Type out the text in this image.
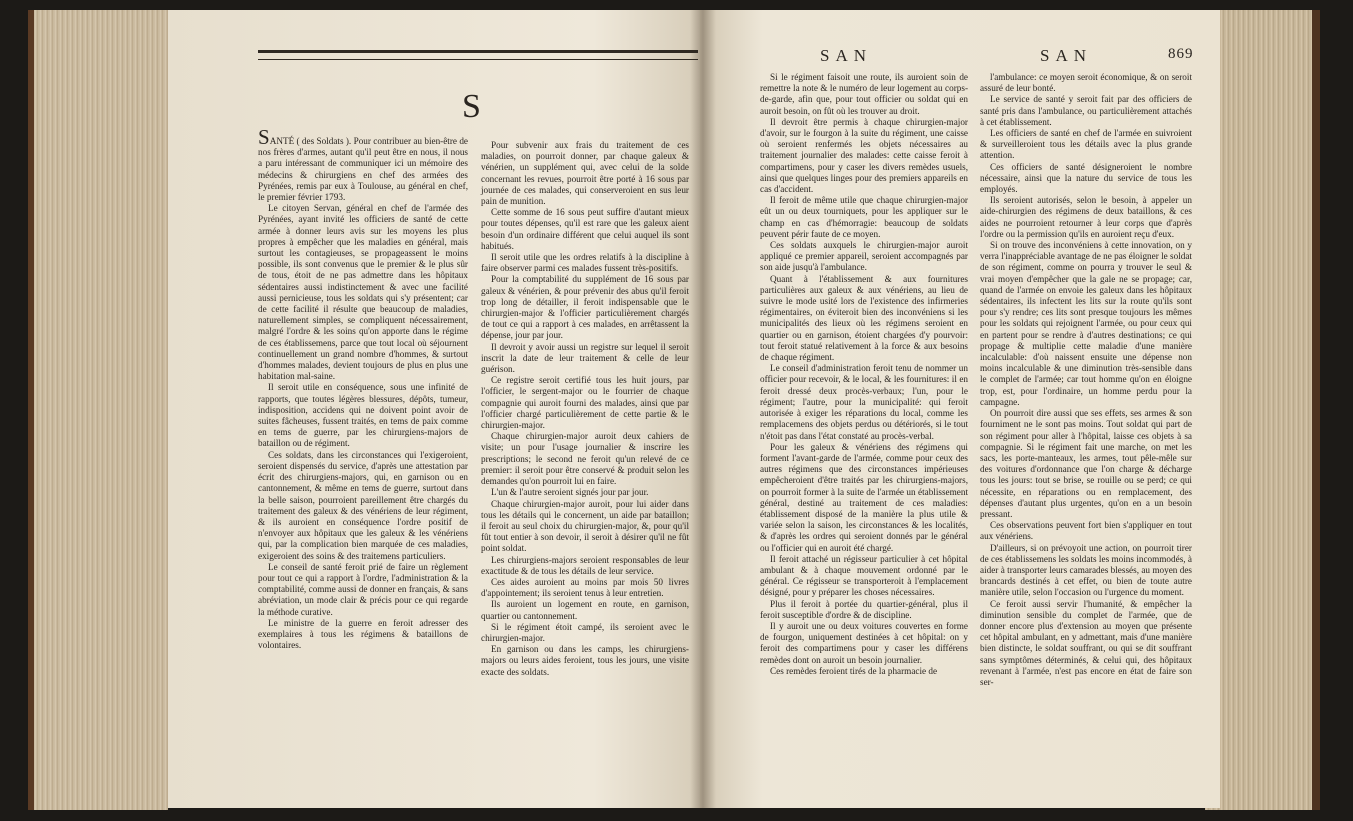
SAN	SAN	869
S

SANTÉ ( des Soldats ). Pour contribuer au bien-être de nos frères d'armes, autant qu'il peut être en nous, il nous a paru intéressant de communiquer ici un mémoire des médecins & chirurgiens en chef des armées des Pyrénées, remis par eux à Toulouse, au général en chef, le premier février 1793.

Le citoyen Servan, général en chef de l'armée des Pyrénées, ayant invité les officiers de santé de cette armée à donner leurs avis sur les moyens les plus propres à empêcher que les maladies en général, mais surtout les contagieuses, se propageassent le moins possible, ils sont convenus que le premier & le plus sûr de tous, étoit de ne pas admettre dans les hôpitaux sédentaires aussi indistinctement & avec une facilité aussi pernicieuse, tous les soldats qui s'y présentent; car de cette facilité il résulte que beaucoup de maladies, naturellement simples, se compliquent nécessairement, malgré l'ordre & les soins qu'on apporte dans le régime de ces établissemens, parce que tout local où séjournent continuellement un grand nombre d'hommes, & surtout d'hommes malades, devient toujours de plus en plus une habitation mal-saine.

Il seroit utile en conséquence, sous une infinité de rapports, que toutes légères blessures, dépôts, tumeur, indisposition, accidens qui ne doivent point avoir de suites fâcheuses, fussent traités, en tems de paix comme en tems de guerre, par les chirurgiens-majors de bataillon ou de régiment.

Ces soldats, dans les circonstances qui l'exigeroient, seroient dispensés du service, d'après une attestation par écrit des chirurgiens-majors, qui, en garnison ou en cantonnement, & même en tems de guerre, surtout dans la belle saison, pourroient pareillement être chargés du traitement des galeux & des vénériens de leur régiment, & ils auroient en conséquence l'ordre positif de n'envoyer aux hôpitaux que les galeux & les vénériens qui, par la complication bien marquée de ces maladies, exigeroient des soins & des traitemens particuliers.

Le conseil de santé feroit prié de faire un règlement pour tout ce qui a rapport à l'ordre, l'administration & la comptabilité, comme aussi de donner en français, & sans abréviation, un mode clair & précis pour ce qui regarde la méthode curative.

Le ministre de la guerre en feroit adresser des exemplaires à tous les régimens & bataillons de volontaires.

Pour subvenir aux frais du traitement de ces maladies, on pourroit donner, par chaque galeux & vénérien, un supplément qui, avec celui de la solde concernant les revues, pourroit être porté à 16 sous par journée de ces malades, qui conserveroient en sus leur pain de munition.

Cette somme de 16 sous peut suffire d'autant mieux pour toutes dépenses, qu'il est rare que les galeux aient besoin d'un ordinaire différent que celui auquel ils sont habitués.

Il seroit utile que les ordres relatifs à la discipline à faire observer parmi ces malades fussent très-positifs.

Pour la comptabilité du supplément de 16 sous par galeux & vénérien, & pour prévenir des abus qu'il feroit trop long de détailler, il feroit indispensable que le chirurgien-major & l'officier particulièrement chargés de tout ce qui a rapport à ces malades, en arrêtassent la dépense, jour par jour.

Il devroit y avoir aussi un registre sur lequel il seroit inscrit la date de leur traitement & celle de leur guérison.

Ce registre seroit certifié tous les huit jours, par l'officier, le sergent-major ou le fourrier de chaque compagnie qui auroit fourni des malades, ainsi que par l'officier chargé particulièrement de cette partie & le chirurgien-major.

Chaque chirurgien-major auroit deux cahiers de visite; un pour l'usage journalier & inscrire les prescriptions; le second ne feroit qu'un relevé de ce premier: il seroit pour être conservé & produit selon les demandes qu'on pourroit lui en faire.

L'un & l'autre seroient signés jour par jour.

Chaque chirurgien-major auroit, pour lui aider dans tous les détails qui le concernent, un aide par bataillon; il feroit au seul choix du chirurgien-major, &, pour qu'il fût tout entier à son devoir, il seroit à désirer qu'il ne fût point soldat.

Les chirurgiens-majors seroient responsables de leur exactitude & de tous les détails de leur service.

Ces aides auroient au moins par mois 50 livres d'appointement; ils seroient tenus à leur entretien.

Ils auroient un logement en route, en garnison, quartier ou cantonnement.

Si le régiment étoit campé, ils seroient avec le chirurgien-major.

En garnison ou dans les camps, les chirurgiens-majors ou leurs aides feroient, tous les jours, une visite exacte des soldats.

Si le régiment faisoit une route, ils auroient soin de remettre la note & le numéro de leur logement au corps-de-garde, afin que, pour tout officier ou soldat qui en auroit besoin, on fût où les trouver au droit.

Il devroit être permis à chaque chirurgien-major d'avoir, sur le fourgon à la suite du régiment, une caisse où seroient renfermés les objets nécessaires au traitement journalier des malades: cette caisse feroit à compartimens, pour y caser les divers remèdes usuels, ainsi que quelques linges pour des premiers appareils en cas d'accident.

Il feroit de même utile que chaque chirurgien-major eût un ou deux tourniquets, pour les appliquer sur le champ en cas d'hémorragie: beaucoup de soldats peuvent périr faute de ce moyen.

Ces soldats auxquels le chirurgien-major auroit appliqué ce premier appareil, seroient accompagnés par son aide jusqu'à l'ambulance.

Quant à l'établissement & aux fournitures particulières aux galeux & aux vénériens, au lieu de suivre le mode usité lors de l'existence des infirmeries régimentaires, on éviteroit bien des inconvéniens si les municipalités des lieux où les régimens seroient en quartier ou en garnison, étoient chargées d'y pourvoir: tout feroit statué relativement à la force & aux besoins de chaque régiment.

Le conseil d'administration feroit tenu de nommer un officier pour recevoir, & le local, & les fournitures: il en feroit dressé deux procès-verbaux; l'un, pour le régiment; l'autre, pour la municipalité: qui feroit autorisée à exiger les réparations du local, comme les remplacemens des objets perdus ou détériorés, si le tout n'étoit pas dans l'état constaté au procès-verbal.

Pour les galeux & vénériens des régimens qui forment l'avant-garde de l'armée, comme pour ceux des autres régimens que des circonstances impérieuses empêcheroient d'être traités par les chirurgiens-majors, on pourroit former à la suite de l'armée un établissement général, destiné au traitement de ces maladies: établissement disposé de la manière la plus utile & variée selon la saison, les circonstances & les localités, & d'après les ordres qui seroient donnés par le général ou l'officier qui en auroit été chargé.

Il feroit attaché un régisseur particulier à cet hôpital ambulant & à chaque mouvement ordonné par le général. Ce régisseur se transporteroit à l'emplacement désigné, pour y préparer les choses nécessaires.

Plus il feroit à portée du quartier-général, plus il feroit susceptible d'ordre & de discipline.

Il y auroit une ou deux voitures couvertes en forme de fourgon, uniquement destinées à cet hôpital: on y feroit des compartimens pour y caser les différens remèdes dont on auroit un besoin journalier.

Ces remèdes feroient tirés de la pharmacie de

l'ambulance: ce moyen seroit économique, & on seroit assuré de leur bonté.

Le service de santé y seroit fait par des officiers de santé pris dans l'ambulance, ou particulièrement attachés à cet établissement.

Les officiers de santé en chef de l'armée en suivroient & surveilleroient tous les détails avec la plus grande attention.

Ces officiers de santé désigneroient le nombre nécessaire, ainsi que la nature du service de tous les employés.

Ils seroient autorisés, selon le besoin, à appeler un aide-chirurgien des régimens de deux bataillons, & ces aides ne pourroient retourner à leur corps que d'après l'ordre ou la permission qu'ils en auroient reçu d'eux.

Si on trouve des inconvéniens à cette innovation, on y verra l'inappréciable avantage de ne pas éloigner le soldat de son régiment, comme on pourra y trouver le seul & vrai moyen d'empêcher que la gale ne se propage; car, quand de l'armée on envoie les galeux dans les hôpitaux sédentaires, ils infectent les lits sur la route qu'ils sont pour s'y rendre; ces lits sont presque toujours les mêmes pour les soldats qui rejoignent l'armée, ou pour ceux qui en partent pour se rendre à d'autres destinations; ce qui propage & multiplie cette maladie d'une manière incalculable: d'où naissent ensuite une dépense non moins incalculable & une diminution très-sensible dans le complet de l'armée; car tout homme qu'on en éloigne trop, est, pour l'ordinaire, un homme perdu pour la campagne.

On pourroit dire aussi que ses effets, ses armes & son fourniment ne le sont pas moins. Tout soldat qui part de son régiment pour aller à l'hôpital, laisse ces objets à sa compagnie. Si le régiment fait une marche, on met les sacs, les porte-manteaux, les armes, tout pêle-mêle sur des voitures d'ordonnance que l'on charge & décharge tous les jours: tout se brise, se rouille ou se perd; ce qui nécessite, en réparations ou en remplacement, des dépenses d'autant plus urgentes, qu'on en a un besoin pressant.

Ces observations peuvent fort bien s'appliquer en tout aux vénériens.

D'ailleurs, si on prévoyoit une action, on pourroit tirer de ces établissemens les soldats les moins incommodés, à aider à transporter leurs camarades blessés, au moyen des brancards destinés à cet effet, ou bien de toute autre manière utile, selon l'occasion ou l'urgence du moment.

Ce feroit aussi servir l'humanité, & empêcher la diminution sensible du complet de l'armée, que de donner encore plus d'extension au moyen que présente cet hôpital ambulant, en y admettant, mais d'une manière bien distincte, le soldat souffrant, ou qui se dit souffrant sans symptômes déterminés, & celui qui, des hôpitaux revenant à l'armée, n'est pas encore en état de faire son ser-
